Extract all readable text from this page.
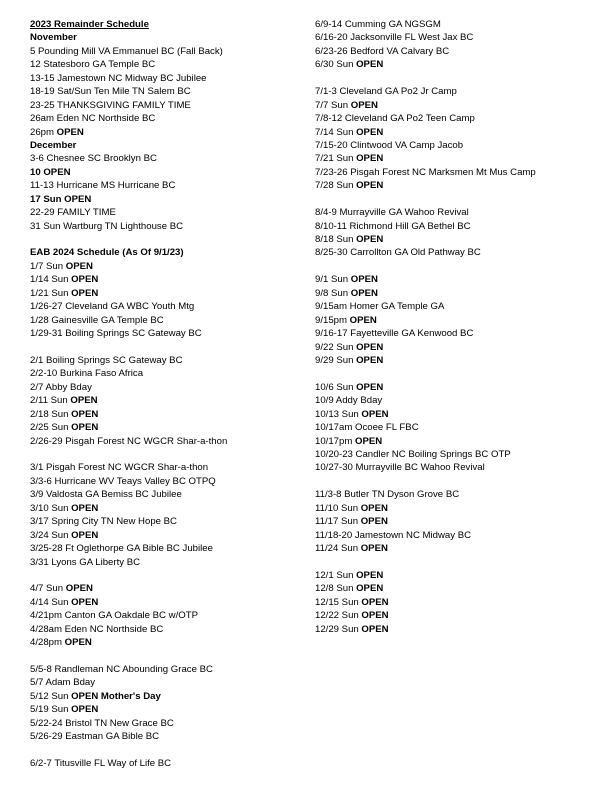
2023 Remainder Schedule
November
5 Pounding Mill VA Emmanuel BC (Fall Back)
12 Statesboro GA Temple BC
13-15 Jamestown NC Midway BC Jubilee
18-19 Sat/Sun Ten Mile TN Salem BC
23-25 THANKSGIVING FAMILY TIME
26am Eden NC Northside BC
26pm OPEN
December
3-6 Chesnee SC Brooklyn BC
10 OPEN
11-13 Hurricane MS Hurricane BC
17 Sun OPEN
22-29 FAMILY TIME
31 Sun Wartburg TN Lighthouse BC
EAB 2024 Schedule (As Of 9/1/23)
1/7 Sun OPEN
1/14 Sun OPEN
1/21 Sun OPEN
1/26-27 Cleveland GA WBC Youth Mtg
1/28 Gainesville GA Temple BC
1/29-31 Boiling Springs SC Gateway BC
2/1 Boiling Springs SC Gateway BC
2/2-10 Burkina Faso Africa
2/7 Abby Bday
2/11 Sun OPEN
2/18 Sun OPEN
2/25 Sun OPEN
2/26-29 Pisgah Forest NC WGCR Shar-a-thon
3/1 Pisgah Forest NC WGCR Shar-a-thon
3/3-6 Hurricane WV Teays Valley BC OTPQ
3/9 Valdosta GA Bemiss BC Jubilee
3/10 Sun OPEN
3/17 Spring City TN New Hope BC
3/24 Sun OPEN
3/25-28 Ft Oglethorpe GA Bible BC Jubilee
3/31 Lyons GA Liberty BC
4/7 Sun OPEN
4/14 Sun OPEN
4/21pm Canton GA Oakdale BC w/OTP
4/28am Eden NC Northside BC
4/28pm OPEN
5/5-8 Randleman NC Abounding Grace BC
5/7 Adam Bday
5/12 Sun OPEN Mother's Day
5/19 Sun OPEN
5/22-24 Bristol TN New Grace BC
5/26-29 Eastman GA Bible BC
6/2-7 Titusville FL Way of Life BC
6/9-14 Cumming GA NGSGM
6/16-20 Jacksonville FL West Jax BC
6/23-26 Bedford VA Calvary BC
6/30 Sun OPEN
7/1-3 Cleveland GA Po2 Jr Camp
7/7 Sun OPEN
7/8-12 Cleveland GA Po2 Teen Camp
7/14 Sun OPEN
7/15-20 Clintwood VA Camp Jacob
7/21 Sun OPEN
7/23-26 Pisgah Forest NC Marksmen Mt Mus Camp
7/28 Sun OPEN
8/4-9 Murrayville GA Wahoo Revival
8/10-11 Richmond Hill GA Bethel BC
8/18 Sun OPEN
8/25-30 Carrollton GA Old Pathway BC
9/1 Sun OPEN
9/8 Sun OPEN
9/15am Homer GA Temple GA
9/15pm OPEN
9/16-17 Fayetteville GA Kenwood BC
9/22 Sun OPEN
9/29 Sun OPEN
10/6 Sun OPEN
10/9 Addy Bday
10/13 Sun OPEN
10/17am Ocoee FL FBC
10/17pm OPEN
10/20-23 Candler NC Boiling Springs BC OTP
10/27-30 Murrayville BC Wahoo Revival
11/3-8 Butler TN Dyson Grove BC
11/10 Sun OPEN
11/17 Sun OPEN
11/18-20 Jamestown NC Midway BC
11/24 Sun OPEN
12/1 Sun OPEN
12/8 Sun OPEN
12/15 Sun OPEN
12/22 Sun OPEN
12/29 Sun OPEN
